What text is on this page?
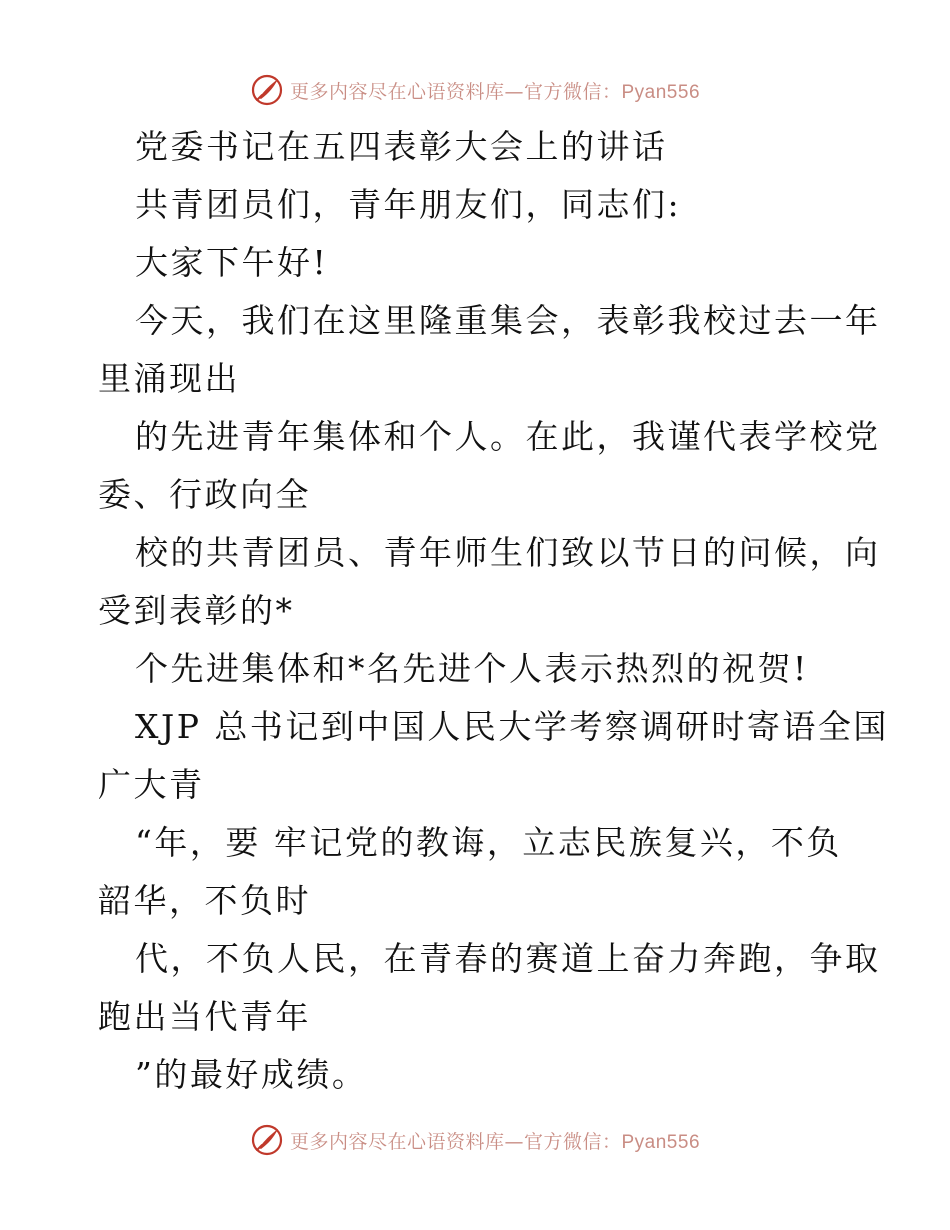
更多内容尽在心语资料库—官方微信：Pyan556
党委书记在五四表彰大会上的讲话
共青团员们，青年朋友们，同志们:
大家下午好!
今天，我们在这里隆重集会，表彰我校过去一年
里涌现出
的先进青年集体和个人。在此，我谨代表学校党
委、行政向全
校的共青团员、青年师生们致以节日的问候，向
受到表彰的*
个先进集体和*名先进个人表示热烈的祝贺!
XJP 总书记到中国人民大学考察调研时寄语全国
广大青
“年，要 牢记党的教诲，立志民族复兴，不负
韶华，不负时
代，不负人民，在青春的赛道上奋力奔跑，争取
跑出当代青年
”的最好成绩。
更多内容尽在心语资料库—官方微信：Pyan556
